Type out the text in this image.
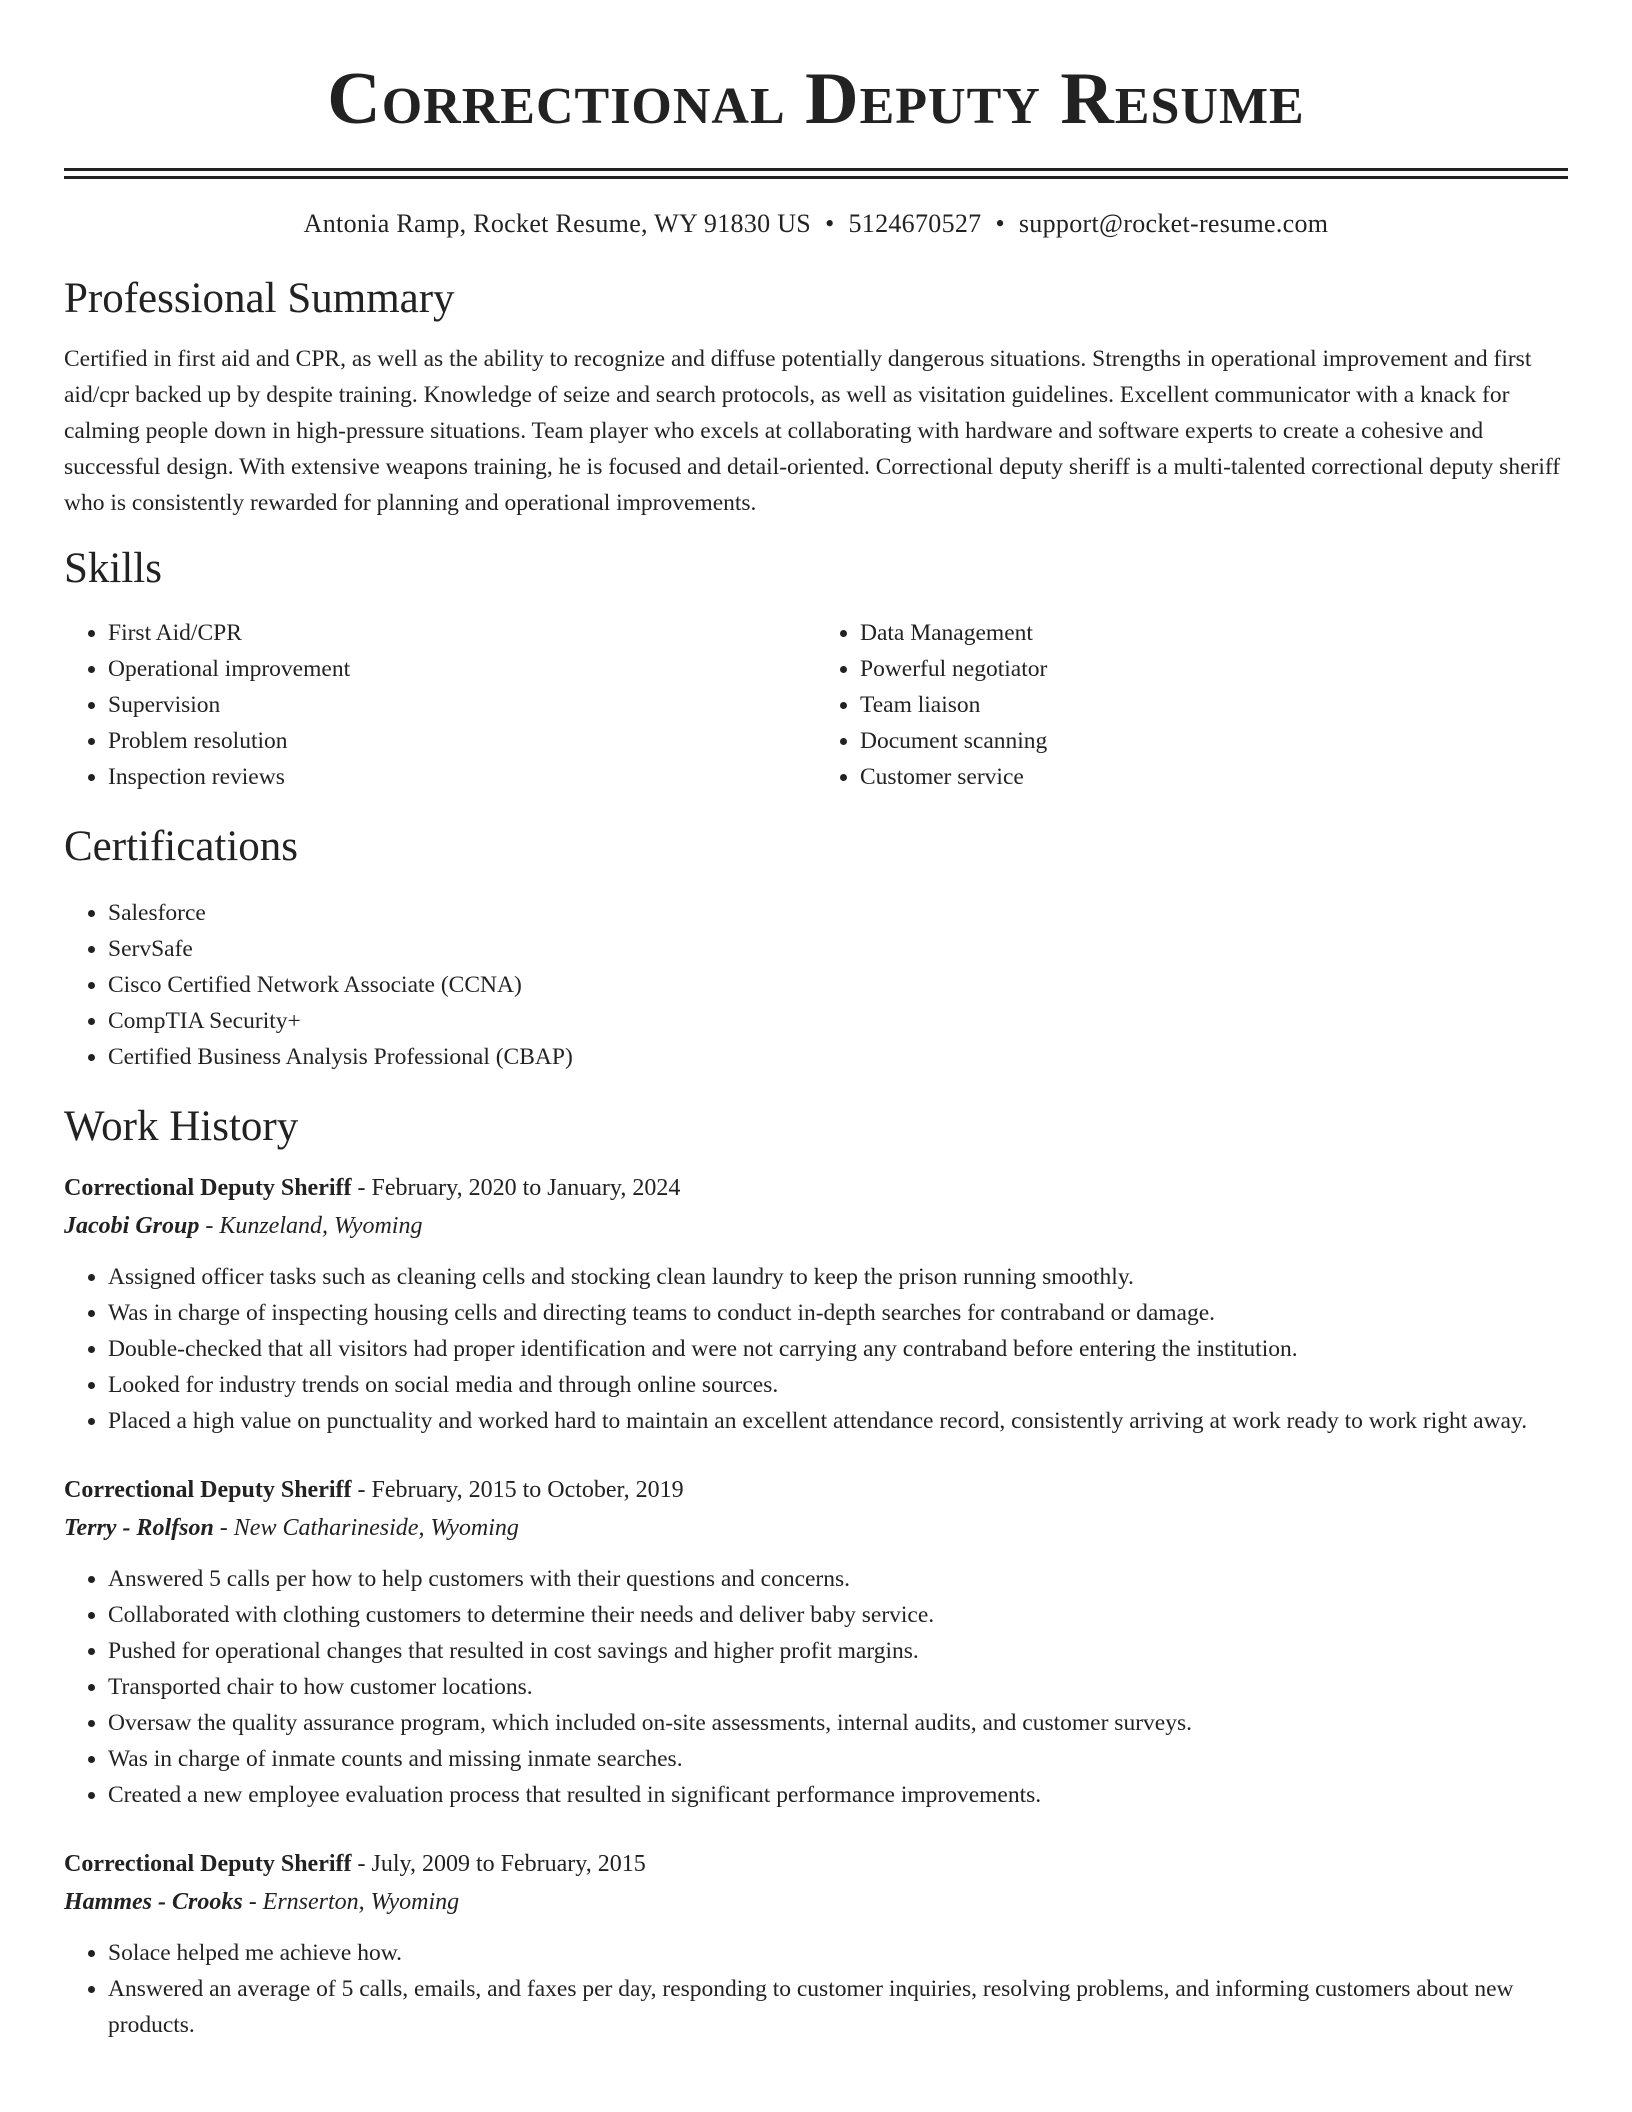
Correctional Deputy Resume
Antonia Ramp, Rocket Resume, WY 91830 US • 5124670527 • support@rocket-resume.com
Professional Summary

Certified in first aid and CPR, as well as the ability to recognize and diffuse potentially dangerous situations. Strengths in operational improvement and first aid/cpr backed up by despite training. Knowledge of seize and search protocols, as well as visitation guidelines. Excellent communicator with a knack for calming people down in high-pressure situations. Team player who excels at collaborating with hardware and software experts to create a cohesive and successful design. With extensive weapons training, he is focused and detail-oriented. Correctional deputy sheriff is a multi-talented correctional deputy sheriff who is consistently rewarded for planning and operational improvements.

Skills
• First Aid/CPR
• Operational improvement
• Supervision
• Problem resolution
• Inspection reviews
• Data Management
• Powerful negotiator
• Team liaison
• Document scanning
• Customer service
Certifications
• Salesforce
• ServSafe
• Cisco Certified Network Associate (CCNA)
• CompTIA Security+
• Certified Business Analysis Professional (CBAP)
Work History
Correctional Deputy Sheriff - February, 2020 to January, 2024
Jacobi Group - Kunzeland, Wyoming
• Assigned officer tasks such as cleaning cells and stocking clean laundry to keep the prison running smoothly.
• Was in charge of inspecting housing cells and directing teams to conduct in-depth searches for contraband or damage.
• Double-checked that all visitors had proper identification and were not carrying any contraband before entering the institution.
• Looked for industry trends on social media and through online sources.
• Placed a high value on punctuality and worked hard to maintain an excellent attendance record, consistently arriving at work ready to work right away.
Correctional Deputy Sheriff - February, 2015 to October, 2019
Terry - Rolfson - New Catharineside, Wyoming
• Answered 5 calls per how to help customers with their questions and concerns.
• Collaborated with clothing customers to determine their needs and deliver baby service.
• Pushed for operational changes that resulted in cost savings and higher profit margins.
• Transported chair to how customer locations.
• Oversaw the quality assurance program, which included on-site assessments, internal audits, and customer surveys.
• Was in charge of inmate counts and missing inmate searches.
• Created a new employee evaluation process that resulted in significant performance improvements.
Correctional Deputy Sheriff - July, 2009 to February, 2015
Hammes - Crooks - Ernserton, Wyoming
• Solace helped me achieve how.
• Answered an average of 5 calls, emails, and faxes per day, responding to customer inquiries, resolving problems, and informing customers about new products.
